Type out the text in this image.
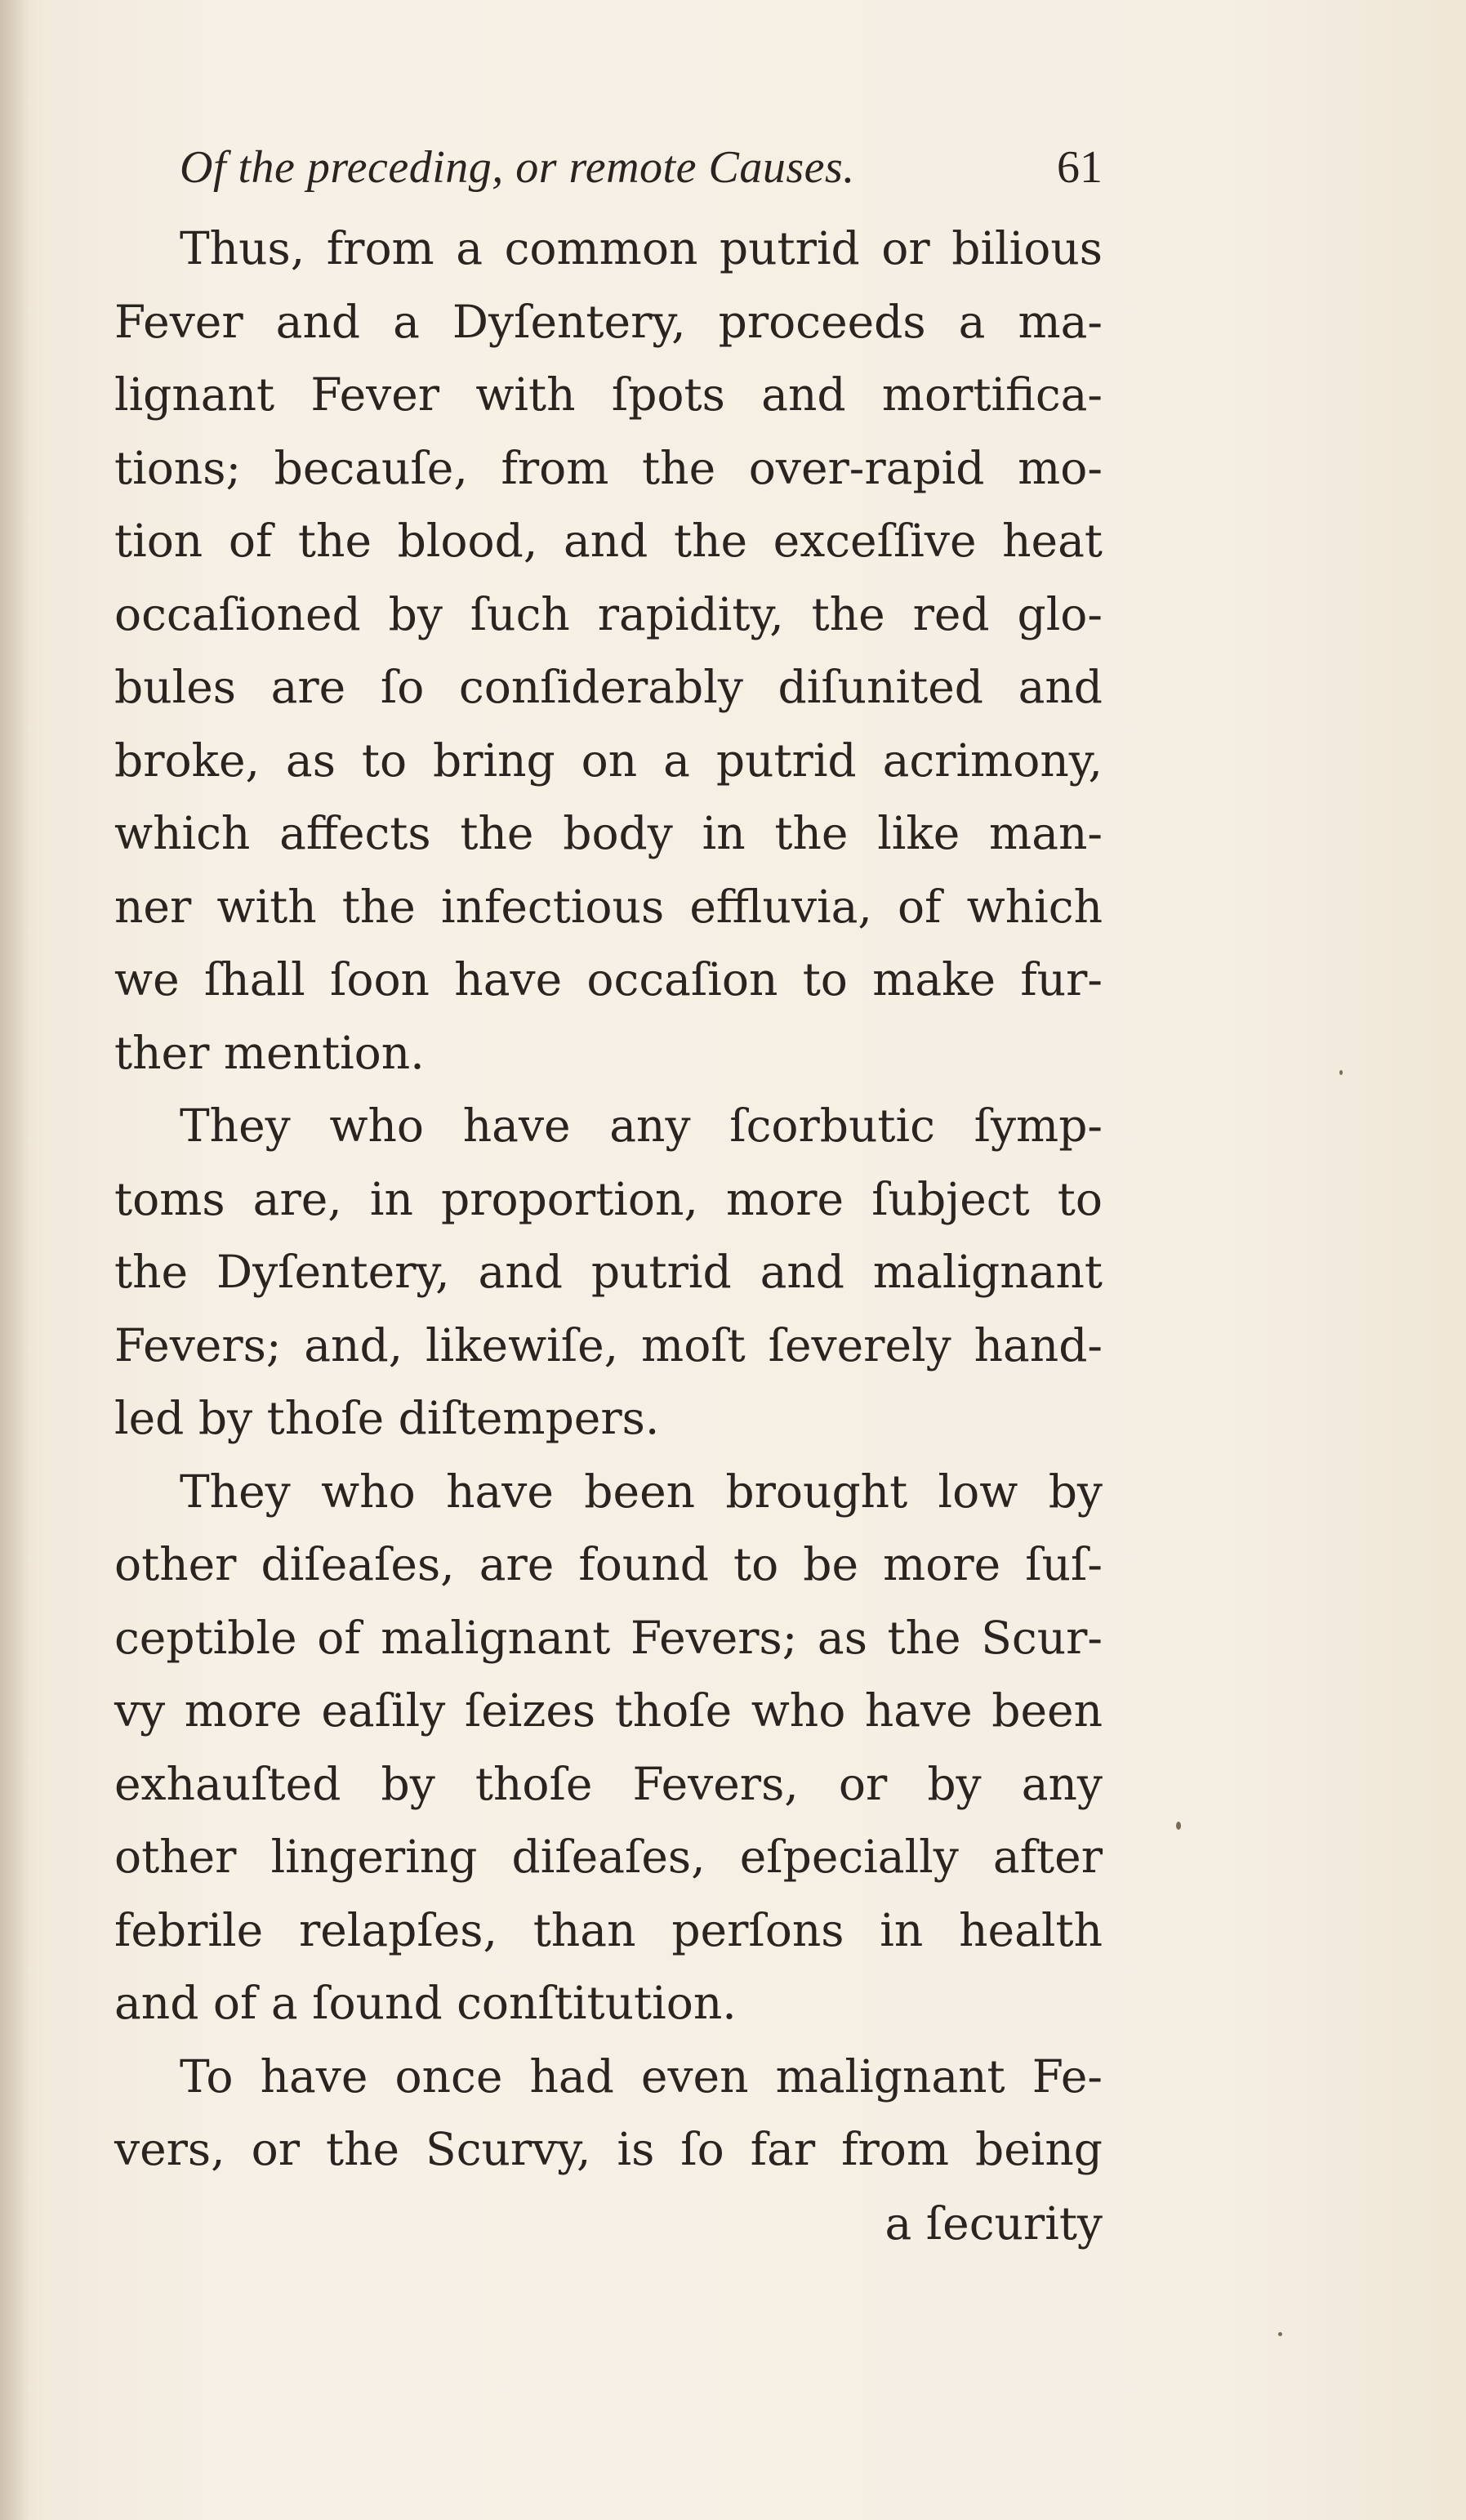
Of the preceding, or remote Causes.	61
Thus, from a common putrid or bilious
Fever and a Dyſentery, proceeds a ma-
lignant Fever with ſpots and mortifica-
tions; becauſe, from the over-rapid mo-
tion of the blood, and the exceſſive heat
occaſioned by ſuch rapidity, the red glo-
bules are ſo conſiderably diſunited and
broke, as to bring on a putrid acrimony,
which affects the body in the like man-
ner with the infectious effluvia, of which
we ſhall ſoon have occaſion to make fur-
ther mention.
They who have any ſcorbutic ſymp-
toms are, in proportion, more ſubject to
the Dyſentery, and putrid and malignant
Fevers; and, likewiſe, moſt ſeverely hand-
led by thoſe diſtempers.
They who have been brought low by
other diſeaſes, are found to be more ſuſ-
ceptible of malignant Fevers; as the Scur-
vy more eaſily ſeizes thoſe who have been
exhauſted by thoſe Fevers, or by any
other lingering diſeaſes, eſpecially after
febrile relapſes, than perſons in health
and of a ſound conſtitution.
To have once had even malignant Fe-
vers, or the Scurvy, is ſo far from being
a ſecurity
